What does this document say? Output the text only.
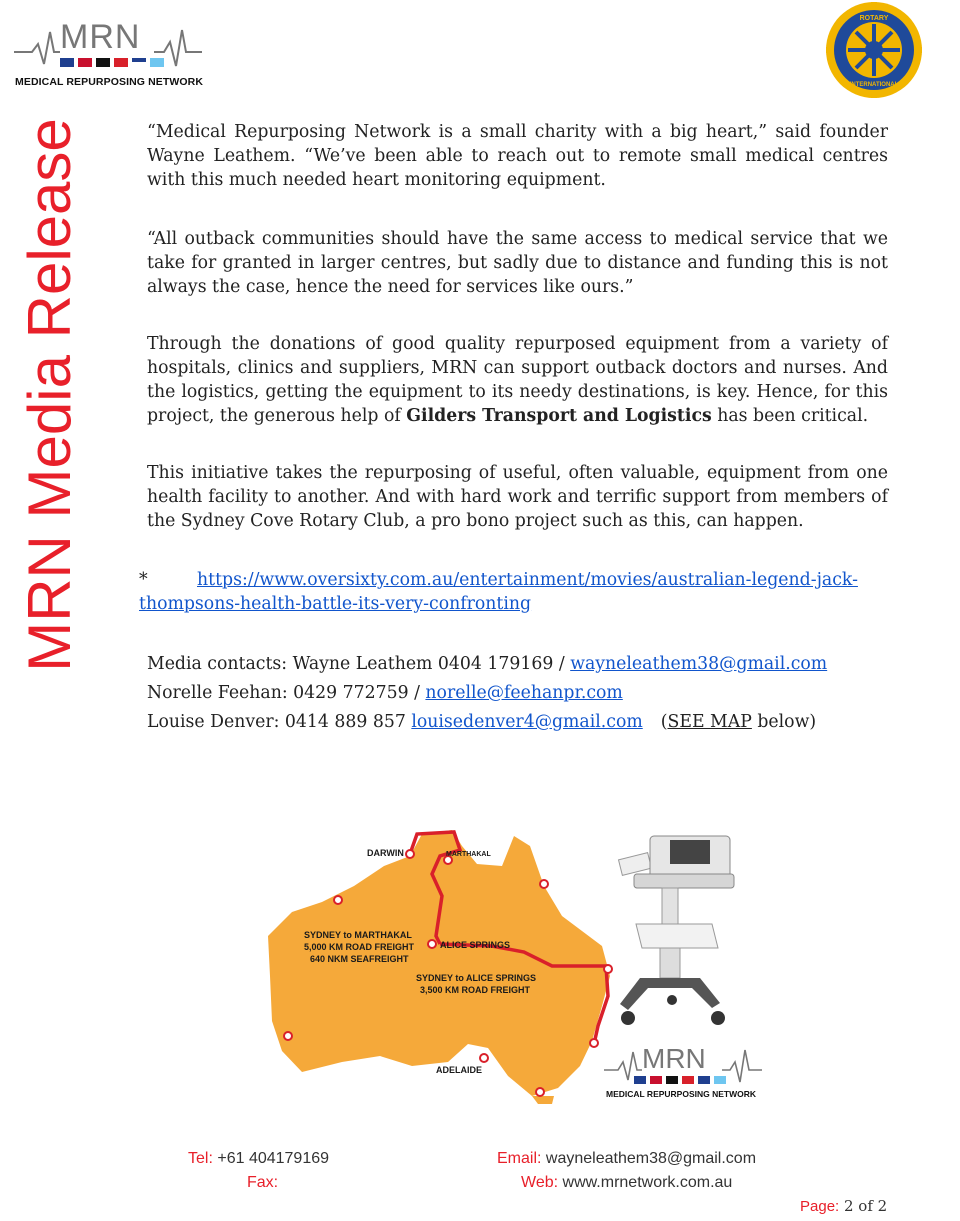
MRN
MEDICAL REPURPOSING NETWORK
ROTARY
INTERNATIONAL
MRN Media Release	“Medical Repurposing Network is a small charity with a big heart,” said founder Wayne Leathem. “We’ve been able to reach out to remote small medical centres with this much needed heart monitoring equipment.
“All outback communities should have the same access to medical service that we take for granted in larger centres, but sadly due to distance and funding this is not always the case, hence the need for services like ours.”
Through the donations of good quality repurposed equipment from a variety of hospitals, clinics and suppliers, MRN can support outback doctors and nurses. And the logistics, getting the equipment to its needy destinations, is key. Hence, for this project, the generous help of Gilders Transport and Logistics has been critical.
This initiative takes the repurposing of useful, often valuable, equipment from one health facility to another. And with hard work and terrific support from members of the Sydney Cove Rotary Club, a pro bono project such as this, can happen.
*	https://www.oversixty.com.au/entertainment/movies/australian-legend-jack-thompsons-health-battle-its-very-confronting
Media contacts: Wayne Leathem 0404 179169 / wayneleathem38@gmail.com
Norelle Feehan: 0429 772759 / norelle@feehanpr.com
Louise Denver: 0414 889 857 louisedenver4@gmail.com (SEE MAP below)
DARWIN	MARTHAKAL
ALICE SPRINGS
ADELAIDE
SYDNEY to MARTHAKAL
5,000 KM ROAD FREIGHT
640 NKM SEAFREIGHT
SYDNEY to ALICE SPRINGS
3,500 KM ROAD FREIGHT
MRN
MEDICAL REPURPOSING NETWORK
Tel: +61 404179169
Fax:
Email: wayneleathem38@gmail.com
Web: www.mrnetwork.com.au
Page: 2 of 2
